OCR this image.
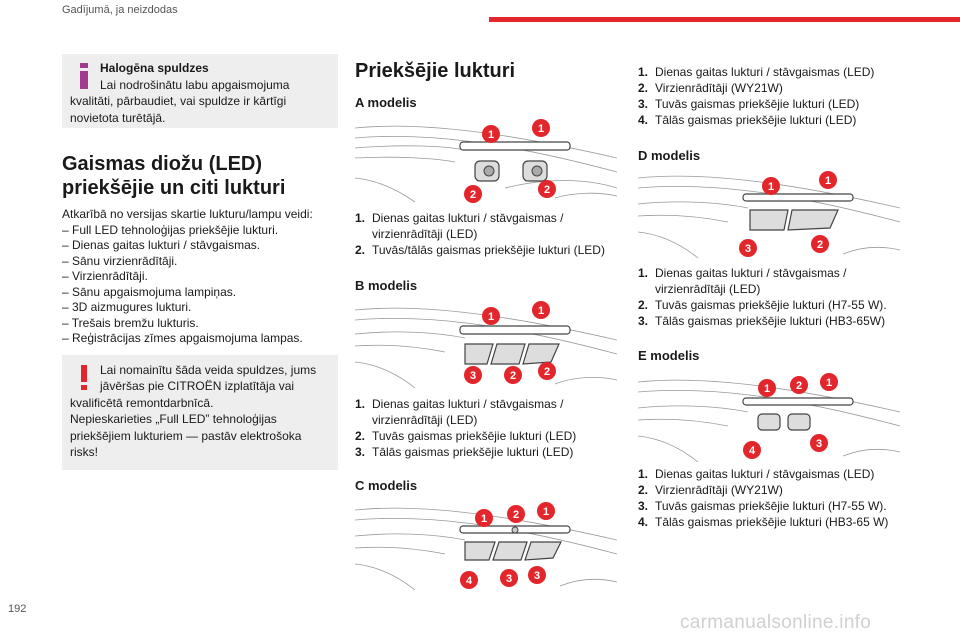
Gadījumā, ja neizdodas
Halogēna spuldzes
Lai nodrošinātu labu apgaismojuma
kvalitāti, pārbaudiet, vai spuldze ir kārtīgi
novietota turētājā.
Gaismas diožu (LED)
priekšējie un citi lukturi
Atkarībā no versijas skartie lukturu/lampu veidi:
– Full LED tehnoloģijas priekšējie lukturi.
– Dienas gaitas lukturi / stāvgaismas.
– Sānu virzienrādītāji.
– Virzienrādītāji.
– Sānu apgaismojuma lampiņas.
– 3D aizmugures lukturi.
– Trešais bremžu lukturis.
– Reģistrācijas zīmes apgaismojuma lampas.
Lai nomainītu šāda veida spuldzes, jums
jāvēršas pie CITROËN izplatītāja vai
kvalificētā remontdarbnīcā.
Nepieskarieties „Full LED” tehnoloģijas
priekšējiem lukturiem — pastāv elektrošoka
risks!
Priekšējie lukturi
A modelis
1	1
2	2
1. Dienas gaitas lukturi / stāvgaismas / virzienrādītāji (LED)
2. Tuvās/tālās gaismas priekšējie lukturi (LED)
B modelis
1	1
3	2	2
1. Dienas gaitas lukturi / stāvgaismas / virzienrādītāji (LED)
2. Tuvās gaismas priekšējie lukturi (LED)
3. Tālās gaismas priekšējie lukturi (LED)
C modelis
1 2 1
4	3 3
1. Dienas gaitas lukturi / stāvgaismas (LED)
2. Virzienrādītāji (WY21W)
3. Tuvās gaismas priekšējie lukturi (LED)
4. Tālās gaismas priekšējie lukturi (LED)
D modelis
1	1
3	2
1. Dienas gaitas lukturi / stāvgaismas / virzienrādītāji (LED)
2. Tuvās gaismas priekšējie lukturi (H7-55 W).
3. Tālās gaismas priekšējie lukturi (HB3-65W)
E modelis
1 2 1
4
3
1. Dienas gaitas lukturi / stāvgaismas (LED)
2. Virzienrādītāji (WY21W)
3. Tuvās gaismas priekšējie lukturi (H7-55 W).
4. Tālās gaismas priekšējie lukturi (HB3-65 W)
192
carmanualsonline.info
